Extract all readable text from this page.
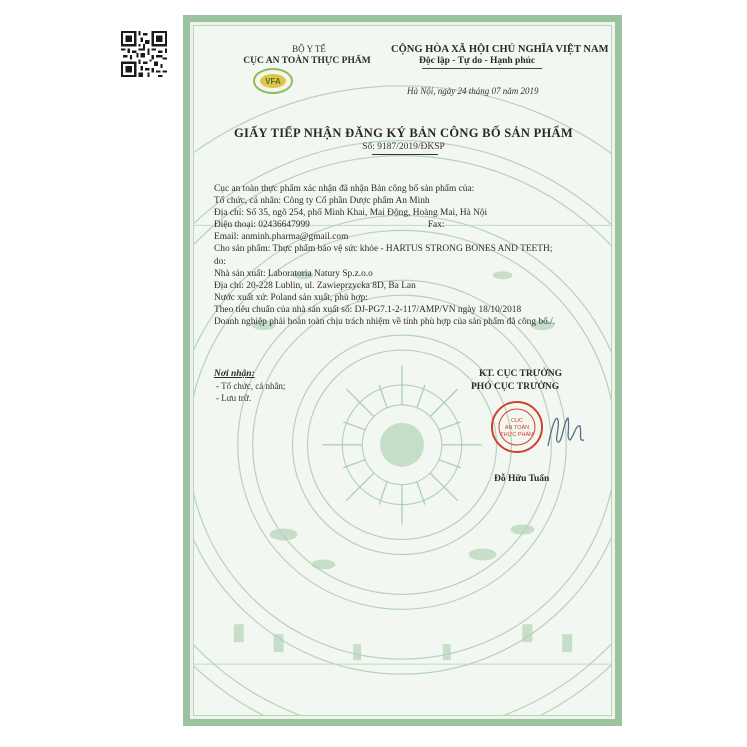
BỘ Y TẾ
CỤC AN TOÀN THỰC PHẨM
VFA
CỘNG HÒA XÃ HỘI CHỦ NGHĨA VIỆT NAM
Độc lập - Tự do - Hạnh phúc
Hà Nội, ngày 24 tháng 07 năm 2019
GIẤY TIẾP NHẬN ĐĂNG KÝ BẢN CÔNG BỐ SẢN PHẨM
Số: 9187/2019/ĐKSP
Cục an toàn thực phẩm xác nhận đã nhận Bản công bố sản phẩm của:
Tổ chức, cá nhân: Công ty Cổ phần Dược phẩm An Minh
Địa chỉ: Số 35, ngõ 254, phố Minh Khai, Mai Động, Hoàng Mai, Hà Nội
Điện thoại: 02436647999	Fax:
Email: anminh.pharma@gmail.com
Cho sản phẩm: Thực phẩm bảo vệ sức khỏe - HARTUS STRONG BONES AND TEETH;
do:
Nhà sản xuất: Laboratoria Natury Sp.z.o.o
Địa chỉ: 20-228 Lublin, ul. Zawieprzycka 8D, Ba Lan
Nước xuất xứ: Poland sản xuất, phù hợp:
Theo tiêu chuẩn của nhà sản xuất số: DJ-PG7.1-2-117/AMP/VN ngày 18/10/2018
Doanh nghiệp phải hoàn toàn chịu trách nhiệm về tính phù hợp của sản phẩm đã công bố./.
Nơi nhận:
- Tổ chức, cá nhân;
- Lưu trữ.
KT. CỤC TRƯỞNG
PHÓ CỤC TRƯỞNG
CỤC
AN TOÀN
THỰC PHẨM
Đỗ Hữu Tuấn
